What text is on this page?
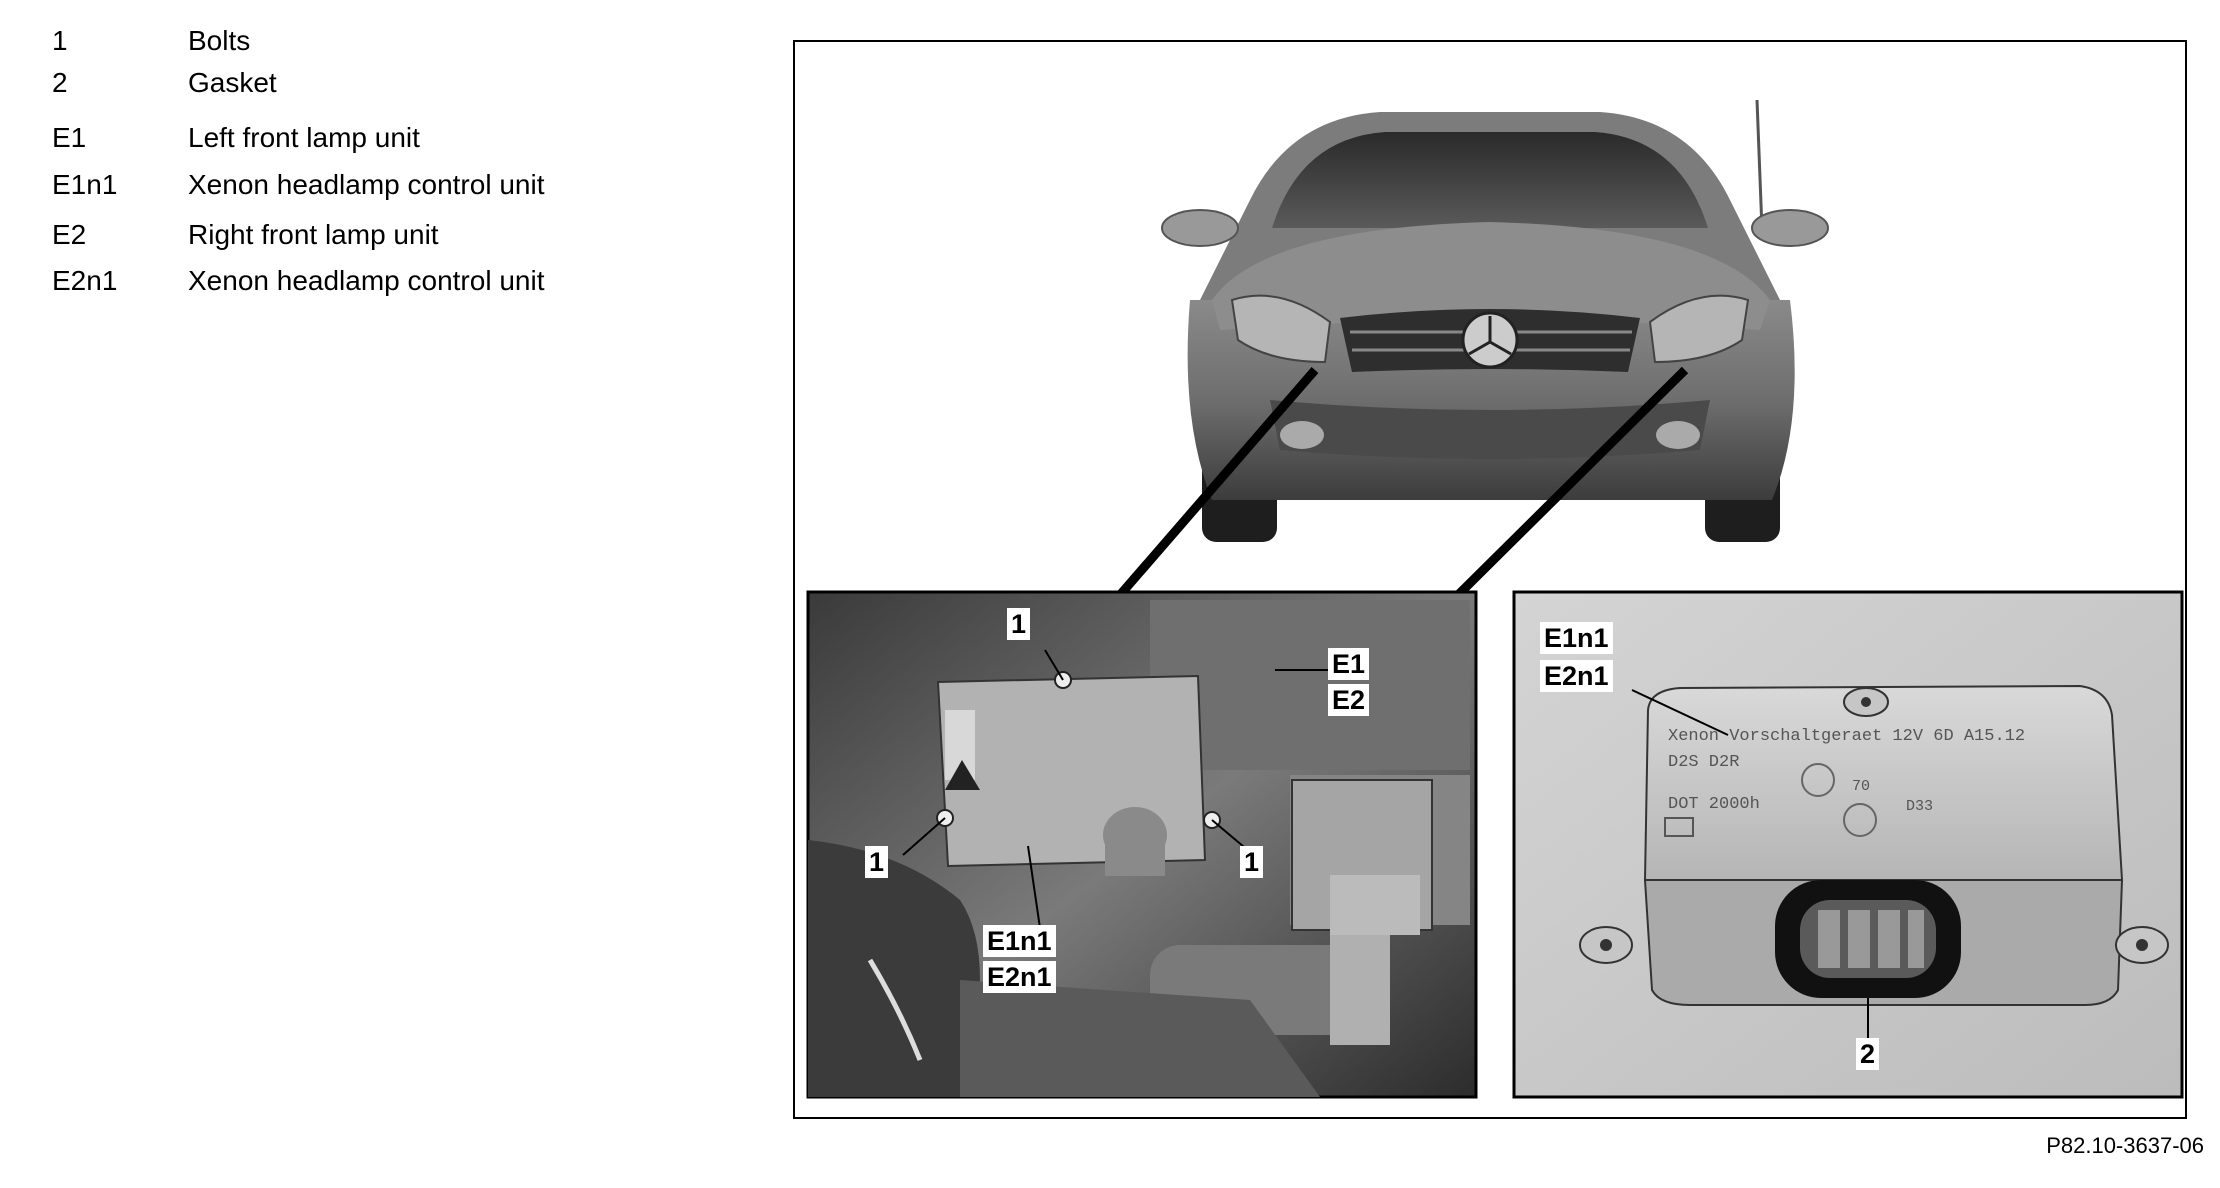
1	Bolts
2	Gasket
E1	Left front lamp unit
E1n1	Xenon headlamp control unit
E2	Right front lamp unit
E2n1	Xenon headlamp control unit
Xenon Vorschaltgeraet 12V 6D A15.12
D2S D2R
DOT 2000h
70
D33
1
1	1
E1
E2
E1n1
E2n1
E1n1
E2n1
2
P82.10-3637-06
